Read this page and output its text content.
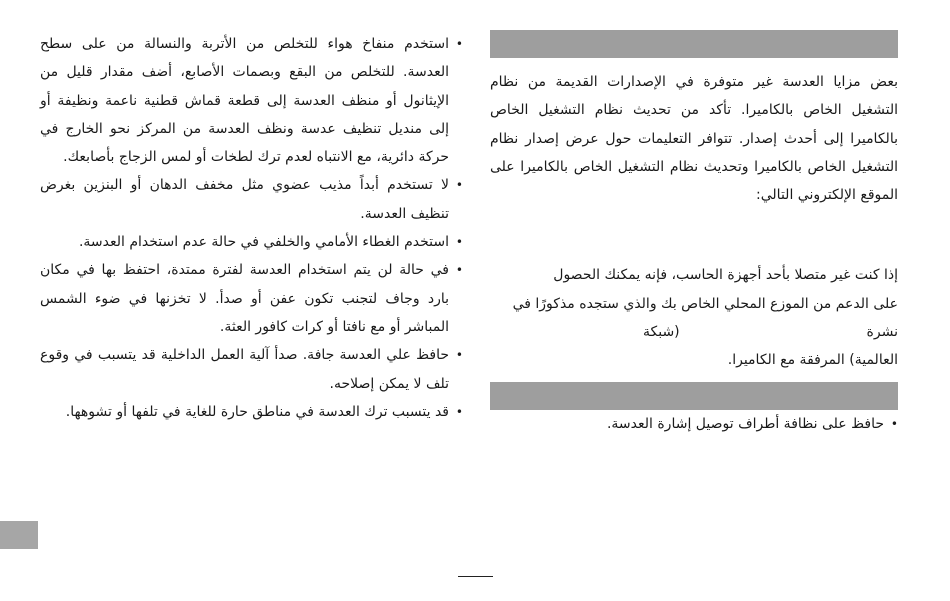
بعض مزايا العدسة غير متوفرة في الإصدارات القديمة من نظام التشغيل الخاص بالكاميرا. تأكد من تحديث نظام التشغيل الخاص بالكاميرا إلى أحدث إصدار. تتوافر التعليمات حول عرض إصدار نظام التشغيل الخاص بالكاميرا وتحديث نظام التشغيل الخاص بالكاميرا على الموقع الإلكتروني التالي:

إذا كنت غير متصلا بأحد أجهزة الحاسب، فإنه يمكنك الحصول
على الدعم من الموزع المحلي الخاص بك والذي ستجده مذكورًا في
نشرة                                          (شبكة
العالمية) المرفقة مع الكاميرا.

• حافظ على نظافة أطراف توصيل إشارة العدسة.
• استخدم منفاخ هواء للتخلص من الأتربة والنسالة من على سطح العدسة. للتخلص من البقع وبصمات الأصابع، أضف مقدار قليل من الإيثانول أو منظف العدسة إلى قطعة قماش قطنية ناعمة ونظيفة أو إلى منديل تنظيف عدسة ونظف العدسة من المركز نحو الخارج في حركة دائرية، مع الانتباه لعدم ترك لطخات أو لمس الزجاج بأصابعك.
• لا تستخدم أبداً مذيب عضوي مثل مخفف الدهان أو البنزين بغرض تنظيف العدسة.
• استخدم الغطاء الأمامي والخلفي في حالة عدم استخدام العدسة.
• في حالة لن يتم استخدام العدسة لفترة ممتدة، احتفظ بها في مكان بارد وجاف لتجنب تكون عفن أو صدأ. لا تخزنها في ضوء الشمس المباشر أو مع نافتا أو كرات كافور العثة.
• حافظ علي العدسة جافة. صدأ آلية العمل الداخلية قد يتسبب في وقوع تلف لا يمكن إصلاحه.
• قد يتسبب ترك العدسة في مناطق حارة للغاية في تلفها أو تشوهها.
